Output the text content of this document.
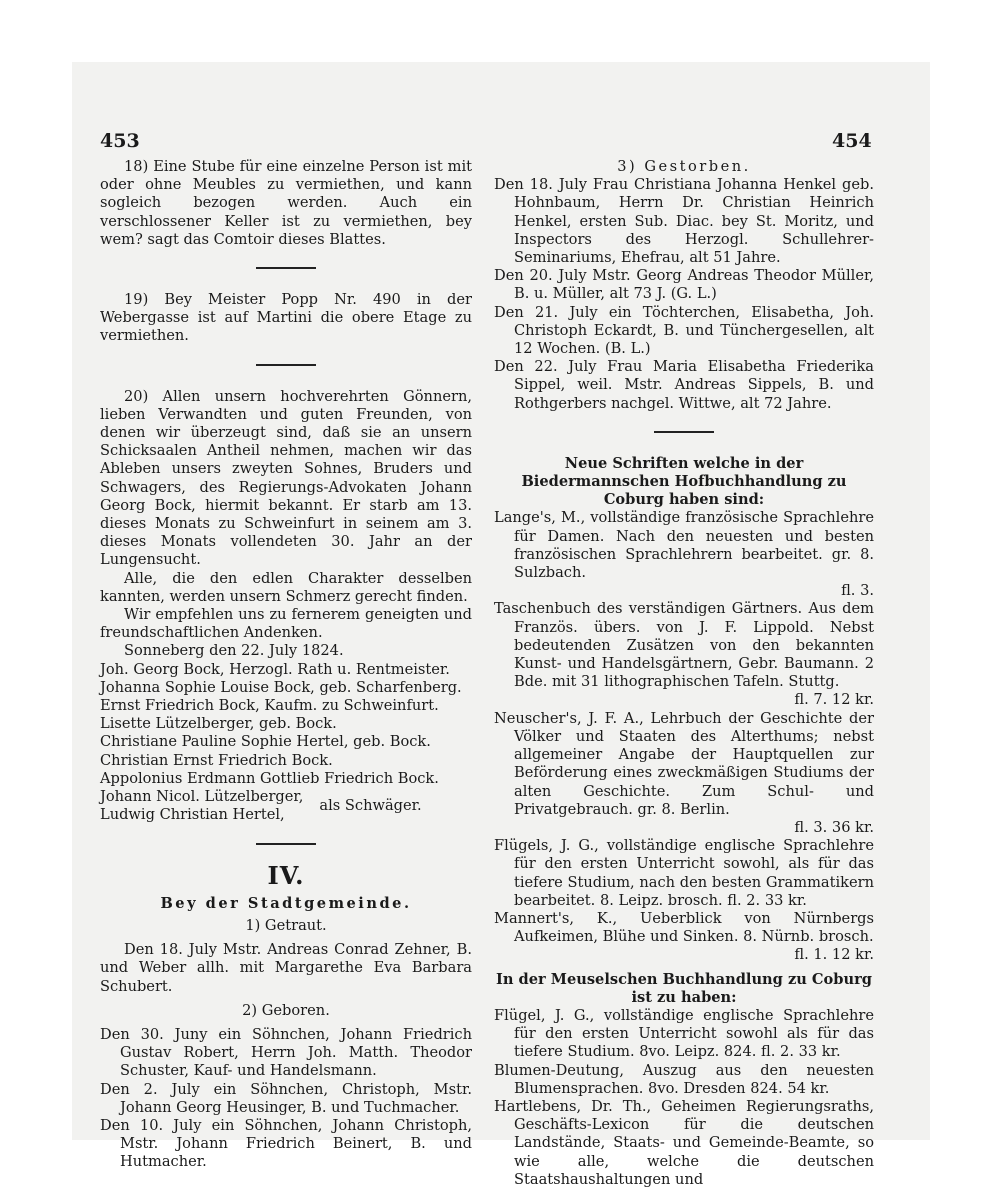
453	454

18) Eine Stube für eine einzelne Person ist mit oder ohne Meubles zu vermiethen, und kann sogleich bezogen werden. Auch ein verschlossener Keller ist zu vermiethen, bey wem? sagt das Comtoir dieses Blattes.

19) Bey Meister Popp Nr. 490 in der Webergasse ist auf Martini die obere Etage zu vermiethen.

20) Allen unsern hochverehrten Gönnern, lieben Verwandten und guten Freunden, von denen wir überzeugt sind, daß sie an unsern Schicksaalen Antheil nehmen, machen wir das Ableben unsers zweyten Sohnes, Bruders und Schwagers, des Regierungs-Advokaten Johann Georg Bock, hiermit bekannt. Er starb am 13. dieses Monats zu Schweinfurt in seinem am 3. dieses Monats vollendeten 30. Jahr an der Lungensucht.

Alle, die den edlen Charakter desselben kannten, werden unsern Schmerz gerecht finden.

Wir empfehlen uns zu fernerem geneigten und freundschaftlichen Andenken.

Sonneberg den 22. July 1824.

Joh. Georg Bock, Herzogl. Rath u. Rentmeister.

Johanna Sophie Louise Bock, geb. Scharfenberg.

Ernst Friedrich Bock, Kaufm. zu Schweinfurt.

Lisette Lützelberger, geb. Bock.

Christiane Pauline Sophie Hertel, geb. Bock.

Christian Ernst Friedrich Bock.

Appolonius Erdmann Gottlieb Friedrich Bock.

Johann Nicol. Lützelberger,

Ludwig Christian Hertel,

als Schwäger.

IV.

Bey der Stadtgemeinde.

1) Getraut.

Den 18. July Mstr. Andreas Conrad Zehner, B. und Weber allh. mit Margarethe Eva Barbara Schubert.

2) Geboren.

Den 30. Juny ein Söhnchen, Johann Friedrich Gustav Robert, Herrn Joh. Matth. Theodor Schuster, Kauf- und Handelsmann.

Den 2. July ein Söhnchen, Christoph, Mstr. Johann Georg Heusinger, B. und Tuchmacher.

Den 10. July ein Söhnchen, Johann Christoph, Mstr. Johann Friedrich Beinert, B. und Hutmacher.

3) Gestorben.

Den 18. July Frau Christiana Johanna Henkel geb. Hohnbaum, Herrn Dr. Christian Heinrich Henkel, ersten Sub. Diac. bey St. Moritz, und Inspectors des Herzogl. Schullehrer-Seminariums, Ehefrau, alt 51 Jahre.

Den 20. July Mstr. Georg Andreas Theodor Müller, B. u. Müller, alt 73 J. (G. L.)

Den 21. July ein Töchterchen, Elisabetha, Joh. Christoph Eckardt, B. und Tünchergesellen, alt 12 Wochen. (B. L.)

Den 22. July Frau Maria Elisabetha Friederika Sippel, weil. Mstr. Andreas Sippels, B. und Rothgerbers nachgel. Wittwe, alt 72 Jahre.

Neue Schriften welche in der Biedermannschen Hofbuchhandlung zu Coburg haben sind:

Lange's, M., vollständige französische Sprachlehre für Damen. Nach den neuesten und besten französischen Sprachlehrern bearbeitet. gr. 8. Sulzbach.

fl. 3.

Taschenbuch des verständigen Gärtners. Aus dem Französ. übers. von J. F. Lippold. Nebst bedeutenden Zusätzen von den bekannten Kunst- und Handelsgärtnern, Gebr. Baumann. 2 Bde. mit 31 lithographischen Tafeln. Stuttg.

fl. 7. 12 kr.

Neuscher's, J. F. A., Lehrbuch der Geschichte der Völker und Staaten des Alterthums; nebst allgemeiner Angabe der Hauptquellen zur Beförderung eines zweckmäßigen Studiums der alten Geschichte. Zum Schul- und Privatgebrauch. gr. 8. Berlin.

fl. 3. 36 kr.

Flügels, J. G., vollständige englische Sprachlehre für den ersten Unterricht sowohl, als für das tiefere Studium, nach den besten Grammatikern bearbeitet. 8. Leipz. brosch. fl. 2. 33 kr.

Mannert's, K., Ueberblick von Nürnbergs Aufkeimen, Blühe und Sinken. 8. Nürnb. brosch.

fl. 1. 12 kr.

In der Meuselschen Buchhandlung zu Coburg ist zu haben:

Flügel, J. G., vollständige englische Sprachlehre für den ersten Unterricht sowohl als für das tiefere Studium. 8vo. Leipz. 824. fl. 2. 33 kr.

Blumen-Deutung, Auszug aus den neuesten Blumensprachen. 8vo. Dresden 824. 54 kr.

Hartlebens, Dr. Th., Geheimen Regierungsraths, Geschäfts-Lexicon für die deutschen Landstände, Staats- und Gemeinde-Beamte, so wie alle, welche die deutschen Staatshaushaltungen und
